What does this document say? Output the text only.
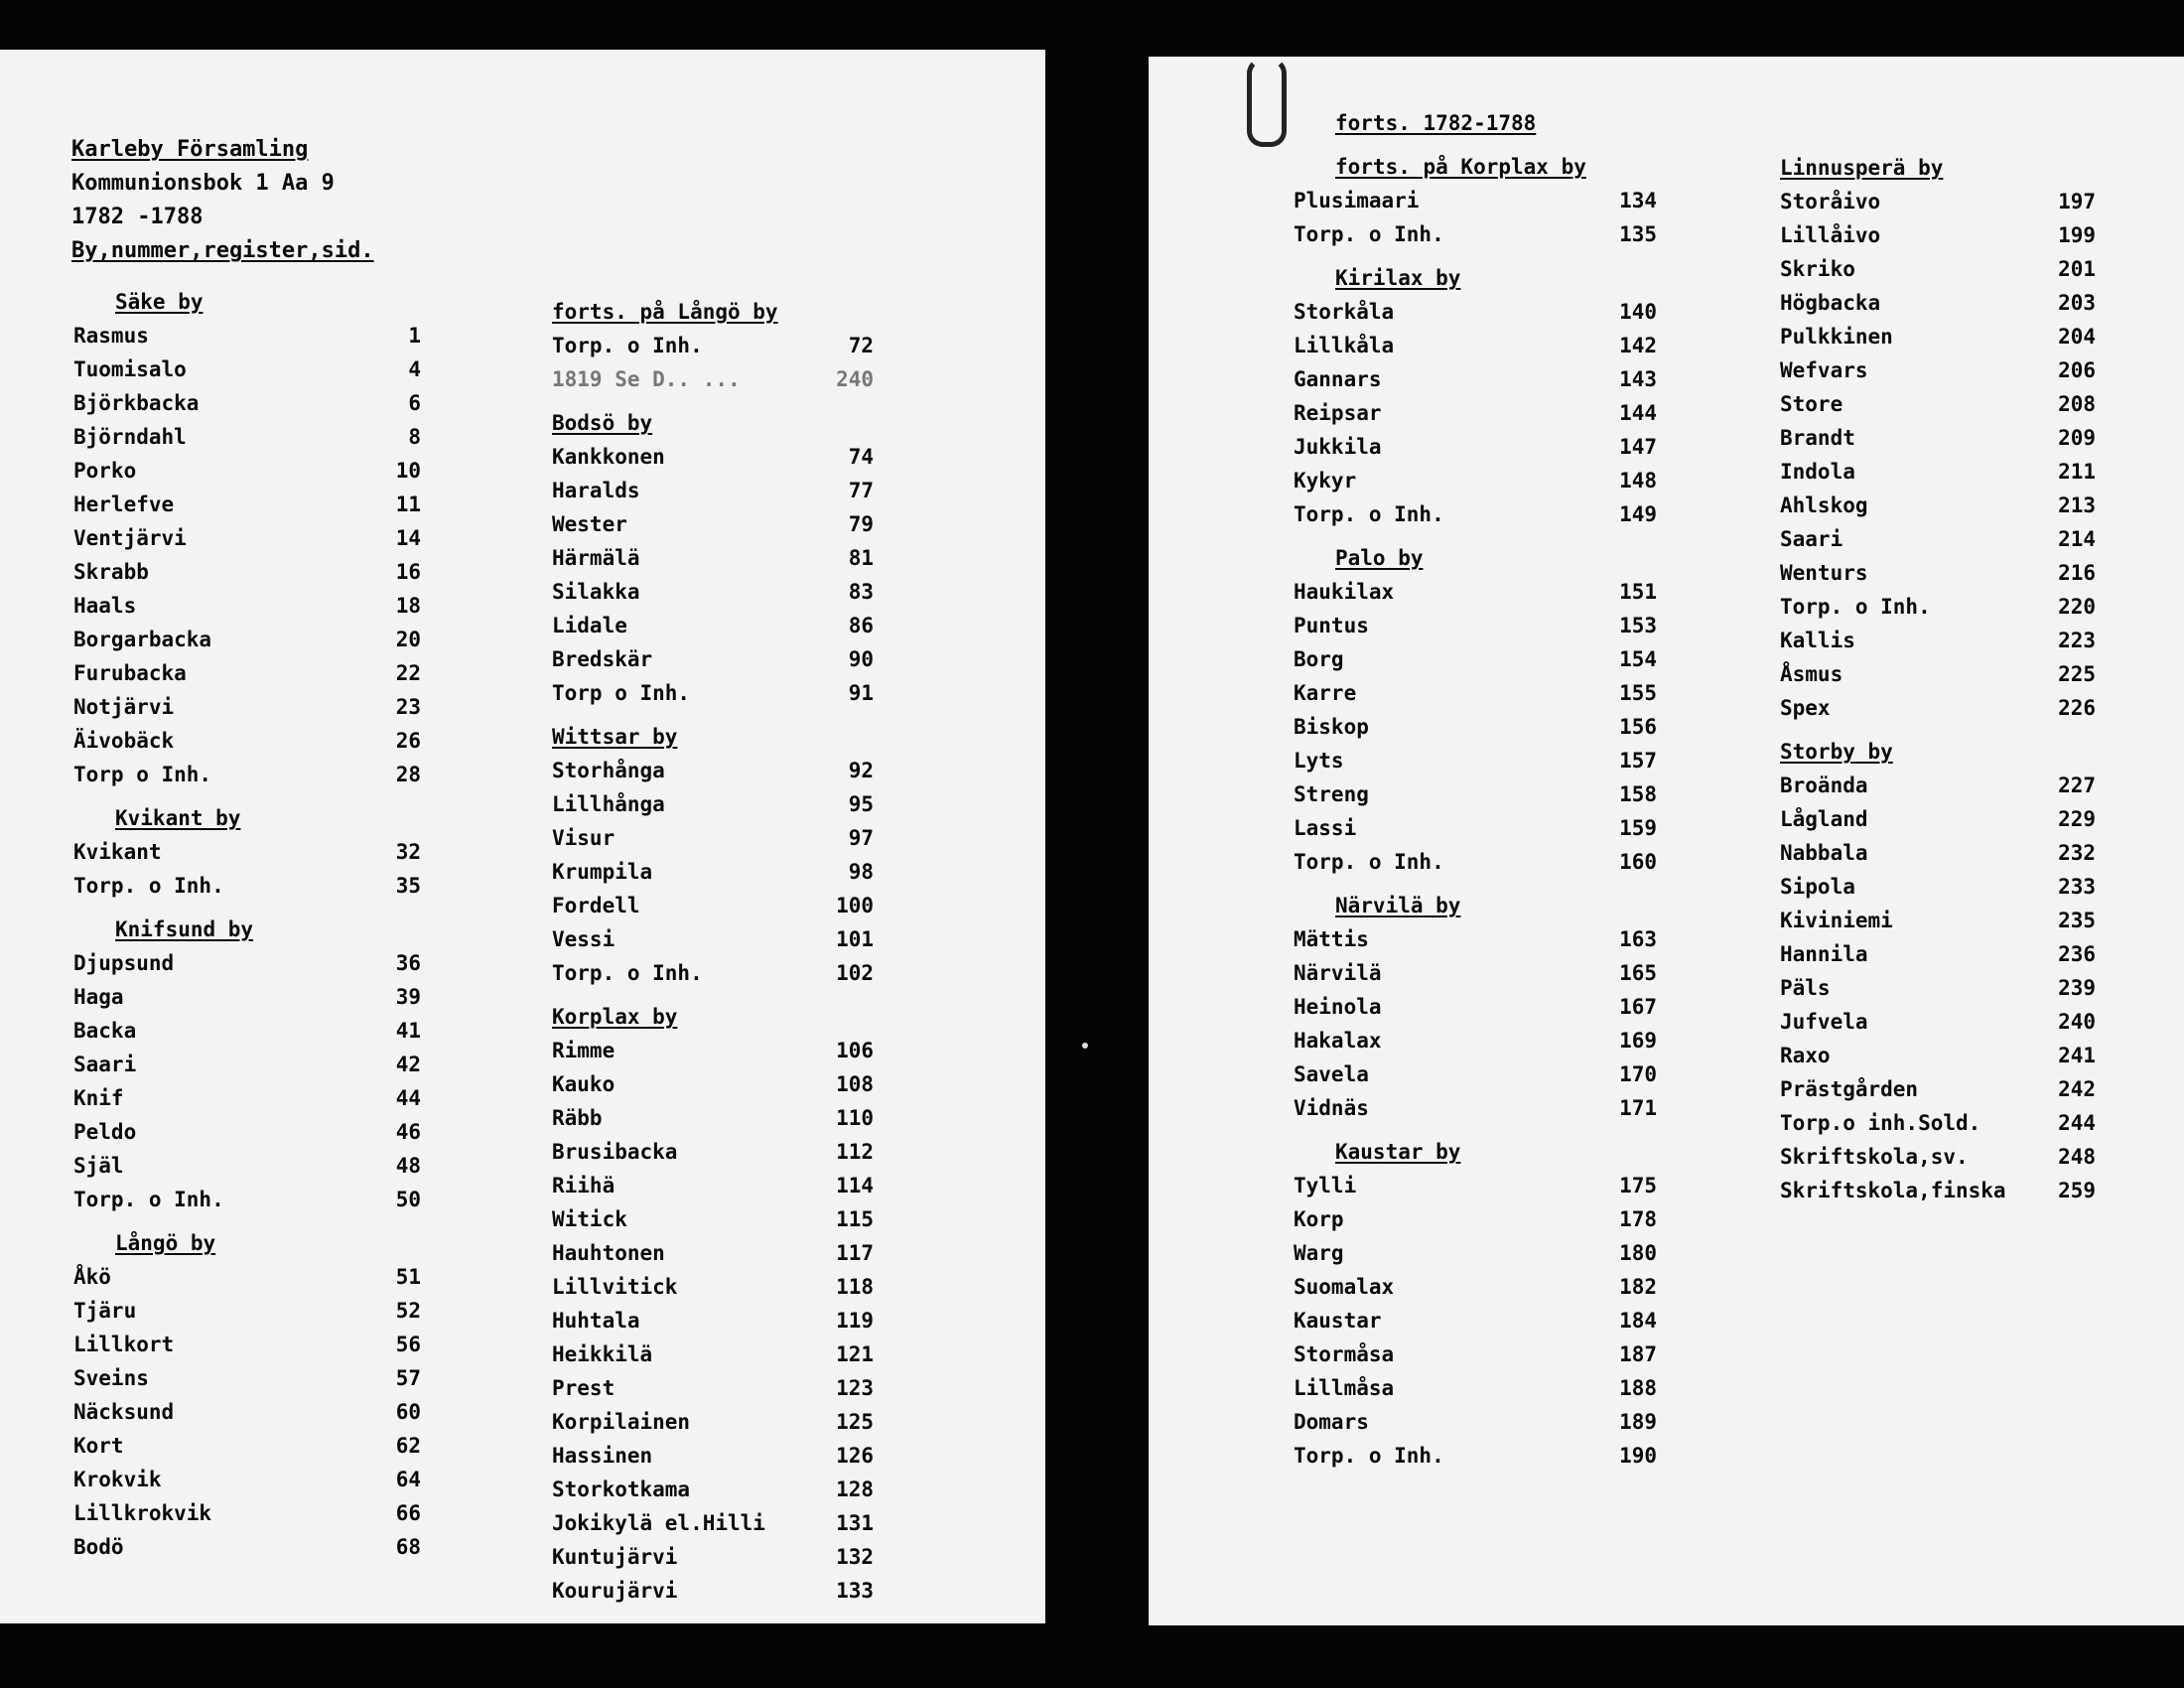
Karleby Församling
Kommunionsbok 1 Aa 9
1782 -1788
By,nummer,register,sid.
Säke by
Rasmus	1
Tuomisalo	4
Björkbacka	6
Björndahl	8
Porko	10
Herlefve	11
Ventjärvi	14
Skrabb	16
Haals	18
Borgarbacka	20
Furubacka	22
Notjärvi	23
Äivobäck	26
Torp o Inh.	28
Kvikant by
Kvikant	32
Torp. o Inh.	35
Knifsund by
Djupsund	36
Haga	39
Backa	41
Saari	42
Knif	44
Peldo	46
Själ	48
Torp. o Inh.	50
Långö by
Åkö	51
Tjäru	52
Lillkort	56
Sveins	57
Näcksund	60
Kort	62
Krokvik	64
Lillkrokvik	66
Bodö	68
forts. på Långö by
Torp. o Inh.	72
1819 Se D.. ...	240
Bodsö by
Kankkonen	74
Haralds	77
Wester	79
Härmälä	81
Silakka	83
Lidale	86
Bredskär	90
Torp o Inh.	91
Wittsar by
Storhånga	92
Lillhånga	95
Visur	97
Krumpila	98
Fordell	100
Vessi	101
Torp. o Inh.	102
Korplax by
Rimme	106
Kauko	108
Räbb	110
Brusibacka	112
Riihä	114
Witick	115
Hauhtonen	117
Lillvitick	118
Huhtala	119
Heikkilä	121
Prest	123
Korpilainen	125
Hassinen	126
Storkotkama	128
Jokikylä el.Hilli	131
Kuntujärvi	132
Kourujärvi	133
forts. 1782-1788
forts. på Korplax by
Plusimaari	134
Torp. o Inh.	135
Kirilax by
Storkåla	140
Lillkåla	142
Gannars	143
Reipsar	144
Jukkila	147
Kykyr	148
Torp. o Inh.	149
Palo by
Haukilax	151
Puntus	153
Borg	154
Karre	155
Biskop	156
Lyts	157
Streng	158
Lassi	159
Torp. o Inh.	160
Närvilä by
Mättis	163
Närvilä	165
Heinola	167
Hakalax	169
Savela	170
Vidnäs	171
Kaustar by
Tylli	175
Korp	178
Warg	180
Suomalax	182
Kaustar	184
Stormåsa	187
Lillmåsa	188
Domars	189
Torp. o Inh.	190
Linnusperä by
Storåivo	197
Lillåivo	199
Skriko	201
Högbacka	203
Pulkkinen	204
Wefvars	206
Store	208
Brandt	209
Indola	211
Ahlskog	213
Saari	214
Wenturs	216
Torp. o Inh.	220
Kallis	223
Åsmus	225
Spex	226
Storby by
Broända	227
Lågland	229
Nabbala	232
Sipola	233
Kiviniemi	235
Hannila	236
Päls	239
Jufvela	240
Raxo	241
Prästgården	242
Torp.o inh.Sold.	244
Skriftskola,sv.	248
Skriftskola,finska 259
